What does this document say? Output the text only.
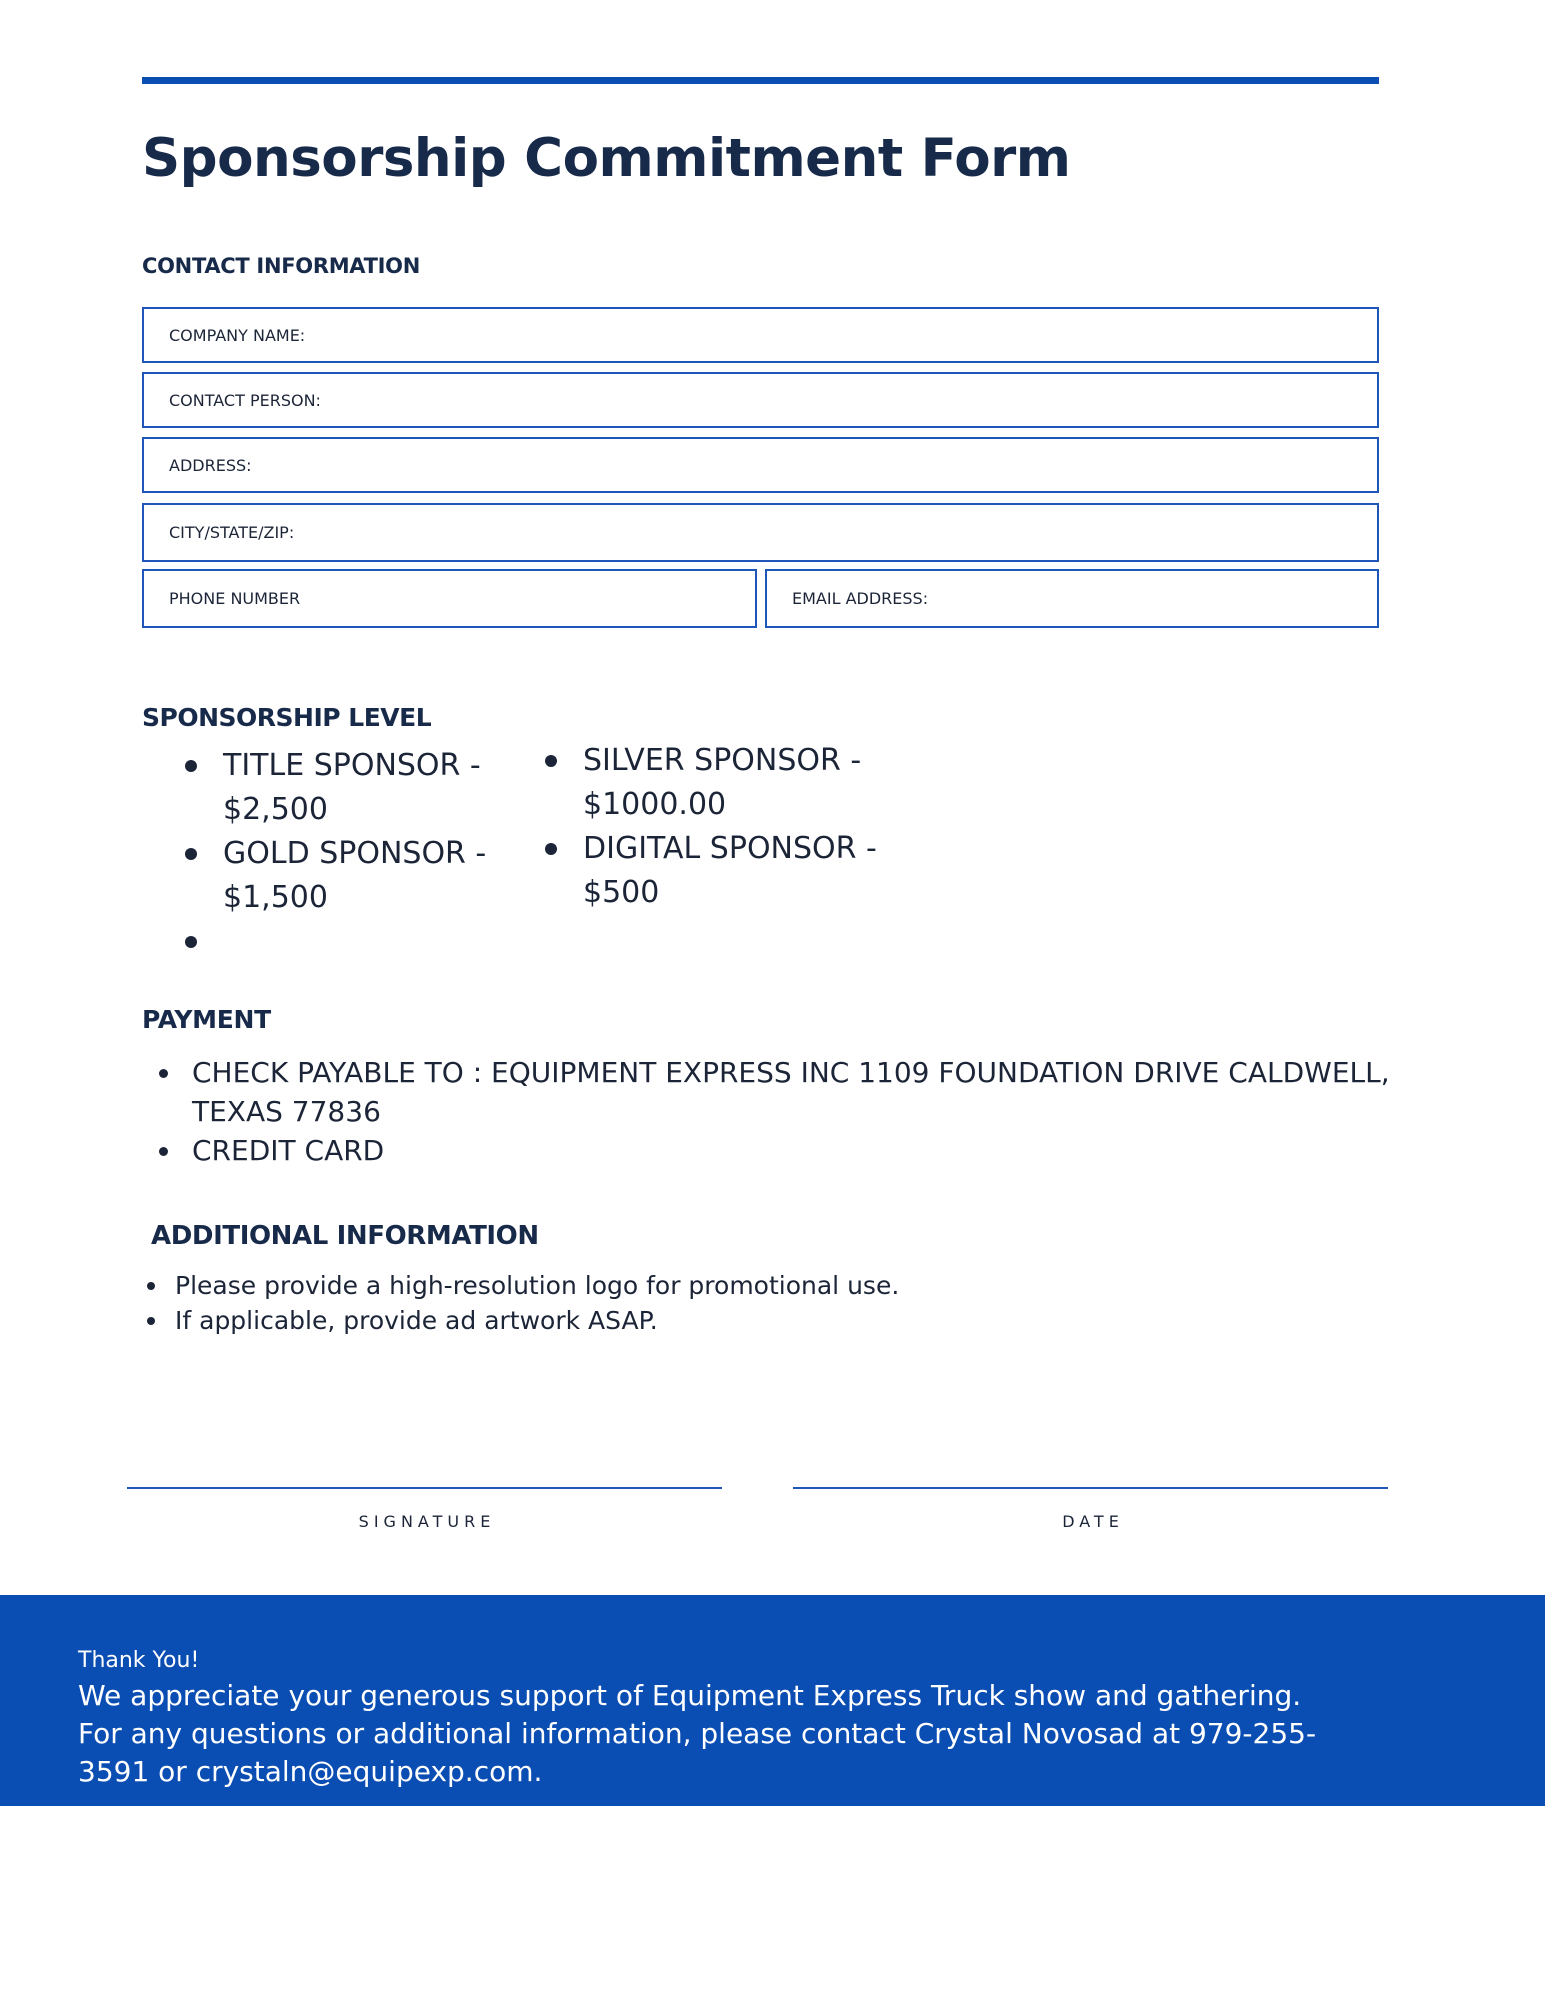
Sponsorship Commitment Form
CONTACT INFORMATION
COMPANY NAME:
CONTACT PERSON:
ADDRESS:
CITY/STATE/ZIP:
PHONE NUMBER	EMAIL ADDRESS:
SPONSORSHIP LEVEL
TITLE SPONSOR -
$2,500
GOLD SPONSOR -
$1,500
SILVER SPONSOR -
$1000.00
DIGITAL SPONSOR -
$500
PAYMENT
CHECK PAYABLE TO : EQUIPMENT EXPRESS INC 1109 FOUNDATION DRIVE CALDWELL,
TEXAS 77836
CREDIT CARD
ADDITIONAL INFORMATION
Please provide a high-resolution logo for promotional use.
If applicable, provide ad artwork ASAP.
SIGNATURE	DATE
Thank You!
We appreciate your generous support of Equipment Express Truck show and gathering.
For any questions or additional information, please contact Crystal Novosad at 979-255-
3591 or crystaln@equipexp.com.
